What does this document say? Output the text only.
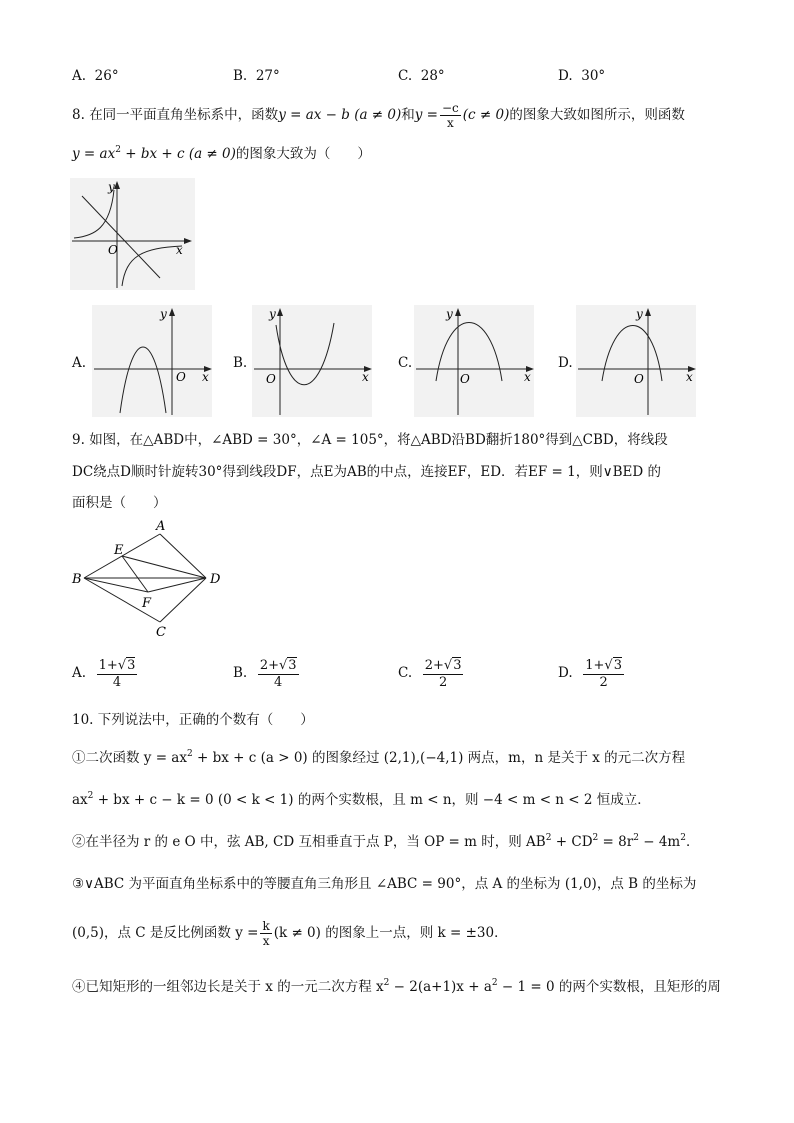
A. 26°	B. 27°	C. 28°	D. 30°
8. 在同一平面直角坐标系中，函数y = ax − b (a ≠ 0)和$y = \frac{-c}{x} (c \ne 0)$的图象大致如图所示，则函数
$y = ax^2$ + bx + c (a ≠ 0)的图象大致为（　　）
x
y
O
A.
x
y
O
B.
x
y
O
C.
x
y
O
D.
x
y
O
9. 如图，在△ABD中，∠ABD = 30°，∠A = 105°，将△ABD沿BD翻折180°得到△CBD，将线段
DC绕点D顺时针旋转30°得到线段DF，点E为AB的中点，连接EF，ED．若EF = 1，则∨BED 的
面积是（　　）
A
B
C
D
E
F
A. $\frac{1+√3}{4}$	B. $\frac{2+√3}{4}$	C. $\frac{2+√3}{2}$	D. $\frac{1+√3}{2}$
10. 下列说法中，正确的个数有（　　）
①二次函数 $y = ax^2$ + bx + c (a > 0) 的图象经过 (2,1),(−4,1) 两点，m，n 是关于 x 的元二次方程
$ax^2$ + bx + c − k = 0 (0 < k < 1) 的两个实数根，且 m < n，则 −4 < m < n < 2 恒成立．
②在半径为 r 的 e O 中，弦 AB, CD 互相垂直于点 P，当 OP = m 时，则 $AB^2 + CD^2 = 8r^2 - 4m^2$．
③∨ABC 为平面直角坐标系中的等腰直角三角形且 ∠ABC = 90°，点 A 的坐标为 (1,0)，点 B 的坐标为
(0,5)，点 C 是反比例函数 $y = \frac{k}{x} (k \ne 0)$ 的图象上一点，则 k = ±30．
④已知矩形的一组邻边长是关于 x 的一元二次方程 $x^2 - 2(a+1)x + a^2 - 1 = 0$ 的两个实数根，且矩形的周
